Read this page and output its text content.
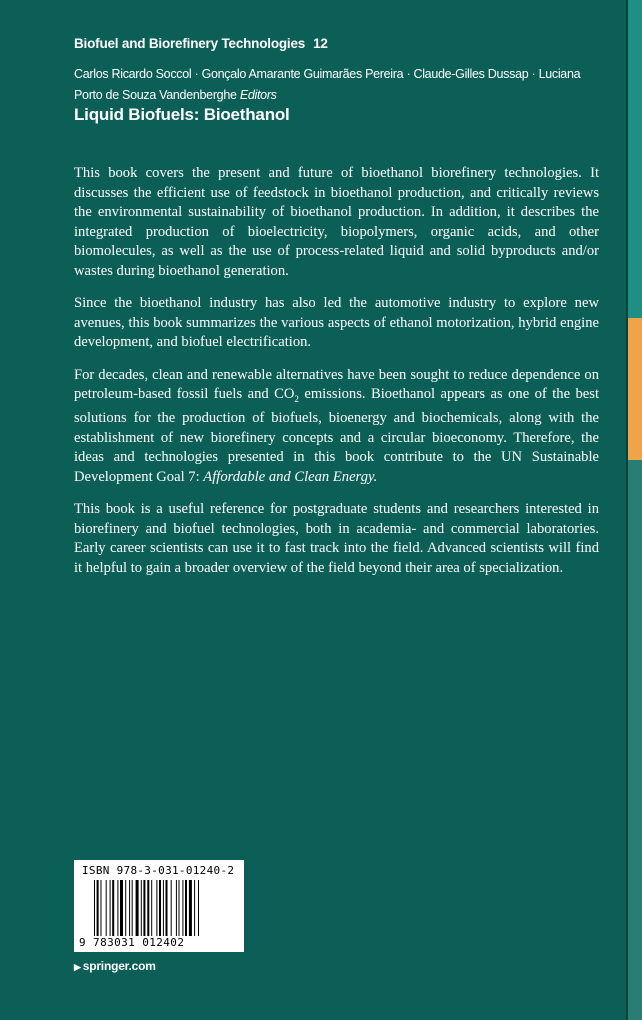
Biofuel and Biorefinery Technologies 12
Carlos Ricardo Soccol · Gonçalo Amarante Guimarães Pereira · Claude-Gilles Dussap · Luciana Porto de Souza Vandenberghe Editors
Liquid Biofuels: Bioethanol

This book covers the present and future of bioethanol biorefinery technologies. It discusses the efficient use of feedstock in bioethanol production, and critically reviews the environmental sustainability of bioethanol production. In addition, it describes the integrated production of bioelectricity, biopolymers, organic acids, and other biomolecules, as well as the use of process-related liquid and solid byproducts and/or wastes during bioethanol generation.

Since the bioethanol industry has also led the automotive industry to explore new avenues, this book summarizes the various aspects of ethanol motorization, hybrid engine development, and biofuel electrification.

For decades, clean and renewable alternatives have been sought to reduce dependence on petroleum-based fossil fuels and $CO_2$ emissions. Bioethanol appears as one of the best solutions for the production of biofuels, bioenergy and biochemicals, along with the establishment of new biorefinery concepts and a circular bioeconomy. Therefore, the ideas and technologies presented in this book contribute to the UN Sustainable Development Goal 7: Affordable and Clean Energy.

This book is a useful reference for postgraduate students and researchers interested in biorefinery and biofuel technologies, both in academia- and commercial laboratories. Early career scientists can use it to fast track into the field. Advanced scientists will find it helpful to gain a broader overview of the field beyond their area of specialization.

ISBN 978-3-031-01240-2
9 783031 012402
▶ springer.com
